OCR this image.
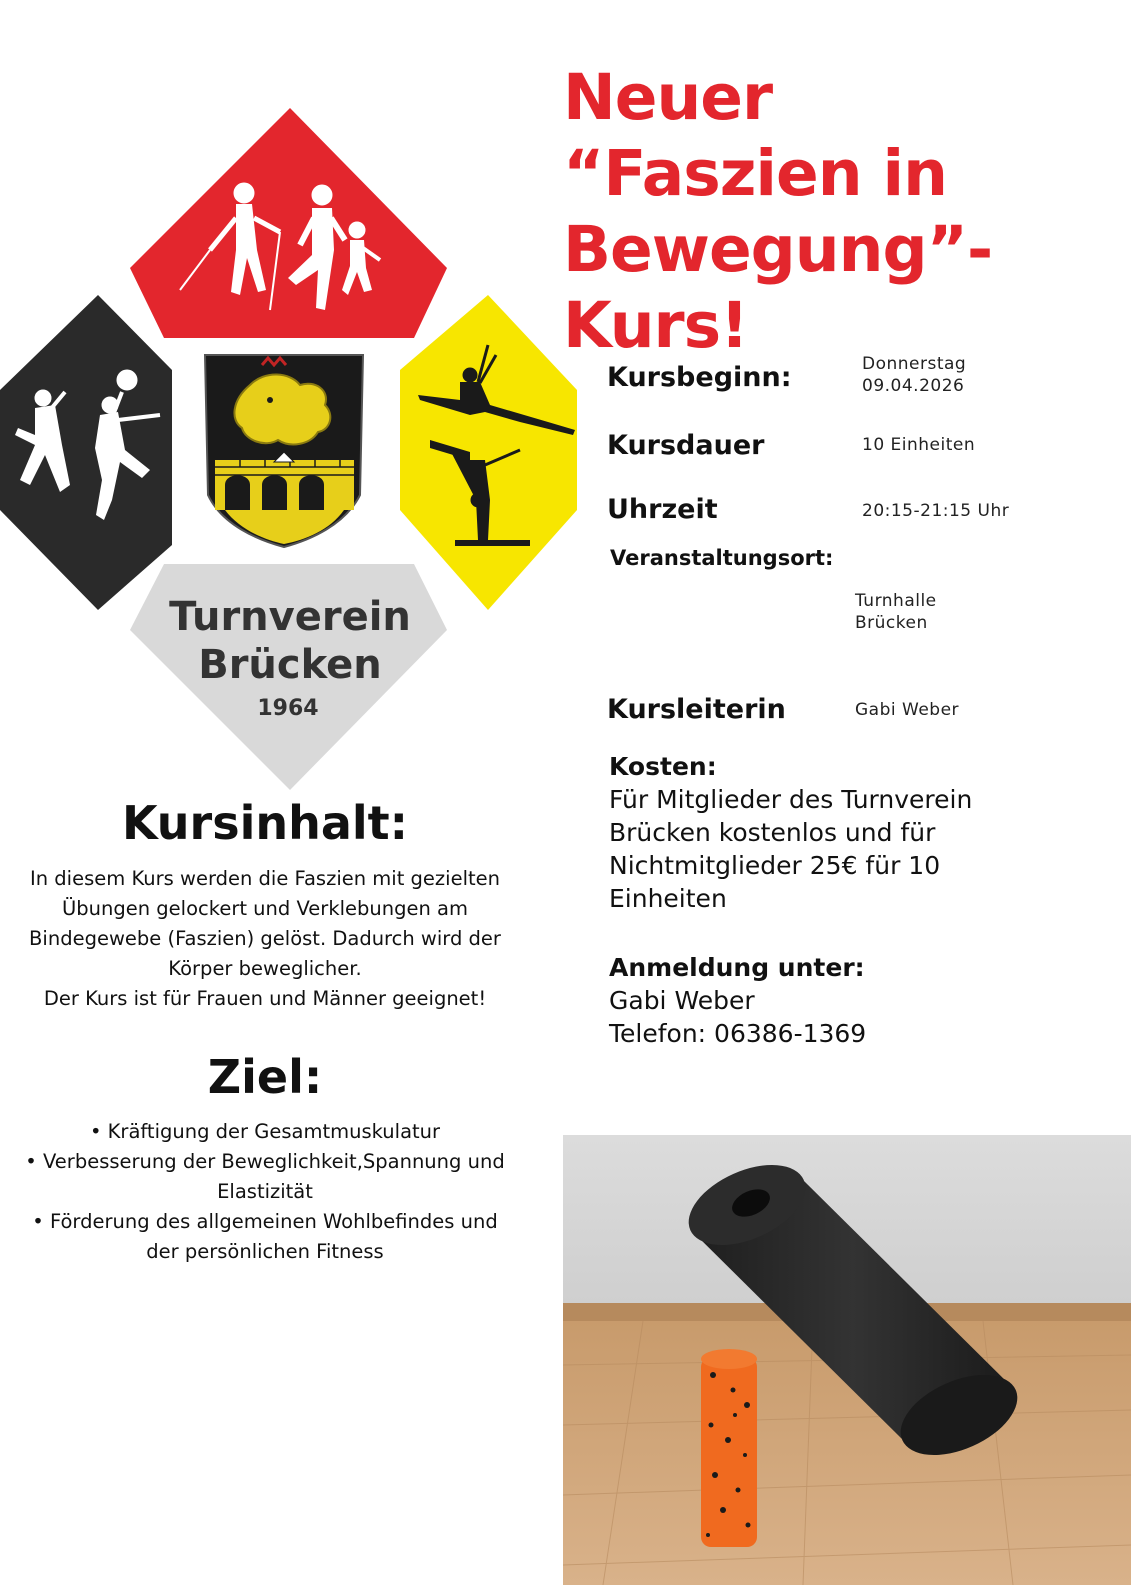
Turnverein
Brücken
1964
Neuer
“Faszien in
Bewegung”-
Kurs!
Kursbeginn:	Donnerstag
09.04.2026
Kursdauer	10 Einheiten
Uhrzeit	20:15-21:15 Uhr
Veranstaltungsort:
Turnhalle
Brücken
Kursleiterin	Gabi Weber
Kosten:
Für Mitglieder des Turnverein
Brücken kostenlos und für
Nichtmitglieder 25€ für 10
Einheiten
Anmeldung unter:
Gabi Weber
Telefon: 06386-1369
Kursinhalt:

In diesem Kurs werden die Faszien mit gezielten

Übungen gelockert und Verklebungen am

Bindegewebe (Faszien) gelöst. Dadurch wird der

Körper beweglicher.

Der Kurs ist für Frauen und Männer geeignet!

Ziel:
• Kräftigung der Gesamtmuskulatur
• Verbesserung der Beweglichkeit,Spannung und
Elastizität
• Förderung des allgemeinen Wohlbefindes und
der persönlichen Fitness
